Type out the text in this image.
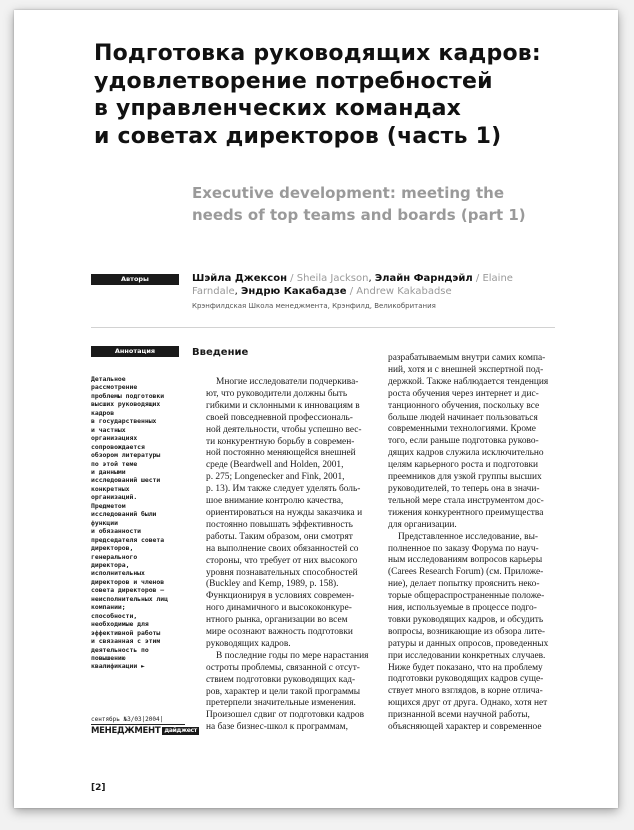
Подготовка руководящих кадров:
удовлетворение потребностей
в управленческих командах
и советах директоров (часть 1)
Executive development: meeting the
needs of top teams and boards (part 1)
Авторы	Шэйла Джексон / Sheila Jackson, Элайн Фарндэйл / Elaine Farndale, Эндрю Какабадзе / Andrew Kakabadse
Крэнфилдская Школа менеджмента, Крэнфилд, Великобритания
Аннотация
Детальное
рассмотрение
проблемы подготовки
высших руководящих
кадров
в государственных
и частных
организациях
сопровождается
обзором литературы
по этой теме
и данными
исследований шести
конкретных
организаций.
Предметом
исследований были
функции
и обязанности
председателя совета
директоров,
генерального
директора,
исполнительных
директоров и членов
совета директоров –
неисполнительных лиц
компании;
способности,
необходимые для
эффективной работы
и связанная с этим
деятельность по
повышению
квалификации ►
сентябрь №3/03|2004|
МЕНЕДЖМЕНТ дайджест
[2]
Введение
Многие исследователи подчеркива-
ют, что руководители должны быть
гибкими и склонными к инновациям в
своей повседневной профессиональ-
ной деятельности, чтобы успешно вес-
ти конкурентную борьбу в современ-
ной постоянно меняющейся внешней
среде (Beardwell and Holden, 2001,
p. 275; Longenecker and Fink, 2001,
p. 13). Им также следует уделять боль-
шое внимание контролю качества,
ориентироваться на нужды заказчика и
постоянно повышать эффективность
работы. Таким образом, они смотрят
на выполнение своих обязанностей со
стороны, что требует от них высокого
уровня познавательных способностей
(Buckley and Kemp, 1989, p. 158).
Функционируя в условиях современ-
ного динамичного и высококонкуре-
нтного рынка, организации во всем
мире осознают важность подготовки
руководящих кадров.
В последние годы по мере нарастания
остроты проблемы, связанной с отсут-
ствием подготовки руководящих кад-
ров, характер и цели такой программы
претерпели значительные изменения.
Произошел сдвиг от подготовки кадров
на базе бизнес-школ к программам,
разрабатываемым внутри самих компа-
ний, хотя и с внешней экспертной под-
держкой. Также наблюдается тенденция
роста обучения через интернет и дис-
танционного обучения, поскольку все
больше людей начинает пользоваться
современными технологиями. Кроме
того, если раньше подготовка руково-
дящих кадров служила исключительно
целям карьерного роста и подготовки
преемников для узкой группы высших
руководителей, то теперь она в значи-
тельной мере стала инструментом дос-
тижения конкурентного преимущества
для организации.
Представленное исследование, вы-
полненное по заказу Форума по науч-
ным исследованиям вопросов карьеры
(Carees Research Forum) (см. Приложе-
ние), делает попытку прояснить неко-
торые общераспространенные положе-
ния, используемые в процессе подго-
товки руководящих кадров, и обсудить
вопросы, возникающие из обзора лите-
ратуры и данных опросов, проведенных
при исследовании конкретных случаев.
Ниже будет показано, что на проблему
подготовки руководящих кадров суще-
ствует много взглядов, в корне отлича-
ющихся друг от друга. Однако, хотя нет
признанной всеми научной работы,
объясняющей характер и современное
